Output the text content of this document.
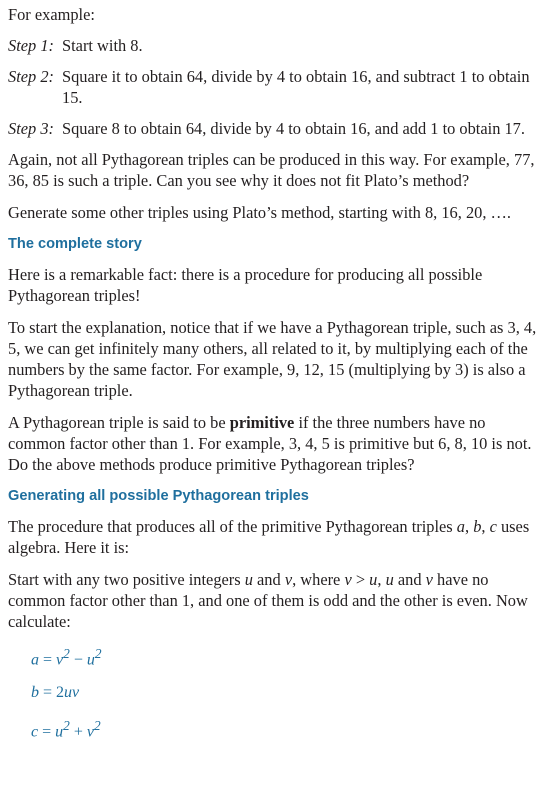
For example:

Step 1: Start with 8.

Step 2: Square it to obtain 64, divide by 4 to obtain 16, and subtract 1 to obtain 15.

Step 3: Square 8 to obtain 64, divide by 4 to obtain 16, and add 1 to obtain 17.

Again, not all Pythagorean triples can be produced in this way. For example, 77, 36, 85 is such a triple. Can you see why it does not fit Plato’s method?

Generate some other triples using Plato’s method, starting with 8, 16, 20, ….

The complete story

Here is a remarkable fact: there is a procedure for producing all possible Pythagorean triples!

To start the explanation, notice that if we have a Pythagorean triple, such as 3, 4, 5, we can get infinitely many others, all related to it, by multiplying each of the numbers by the same factor. For example, 9, 12, 15 (multiplying by 3) is also a Pythagorean triple.

A Pythagorean triple is said to be primitive if the three numbers have no common factor other than 1. For example, 3, 4, 5 is primitive but 6, 8, 10 is not. Do the above methods produce primitive Pythagorean triples?

Generating all possible Pythagorean triples

The procedure that produces all of the primitive Pythagorean triples a, b, c uses algebra. Here it is:

Start with any two positive integers u and v, where v > u, u and v have no common factor other than 1, and one of them is odd and the other is even. Now calculate:

$a = v^2 - u^2$
b = 2uv
$c = u^2 + v^2$
